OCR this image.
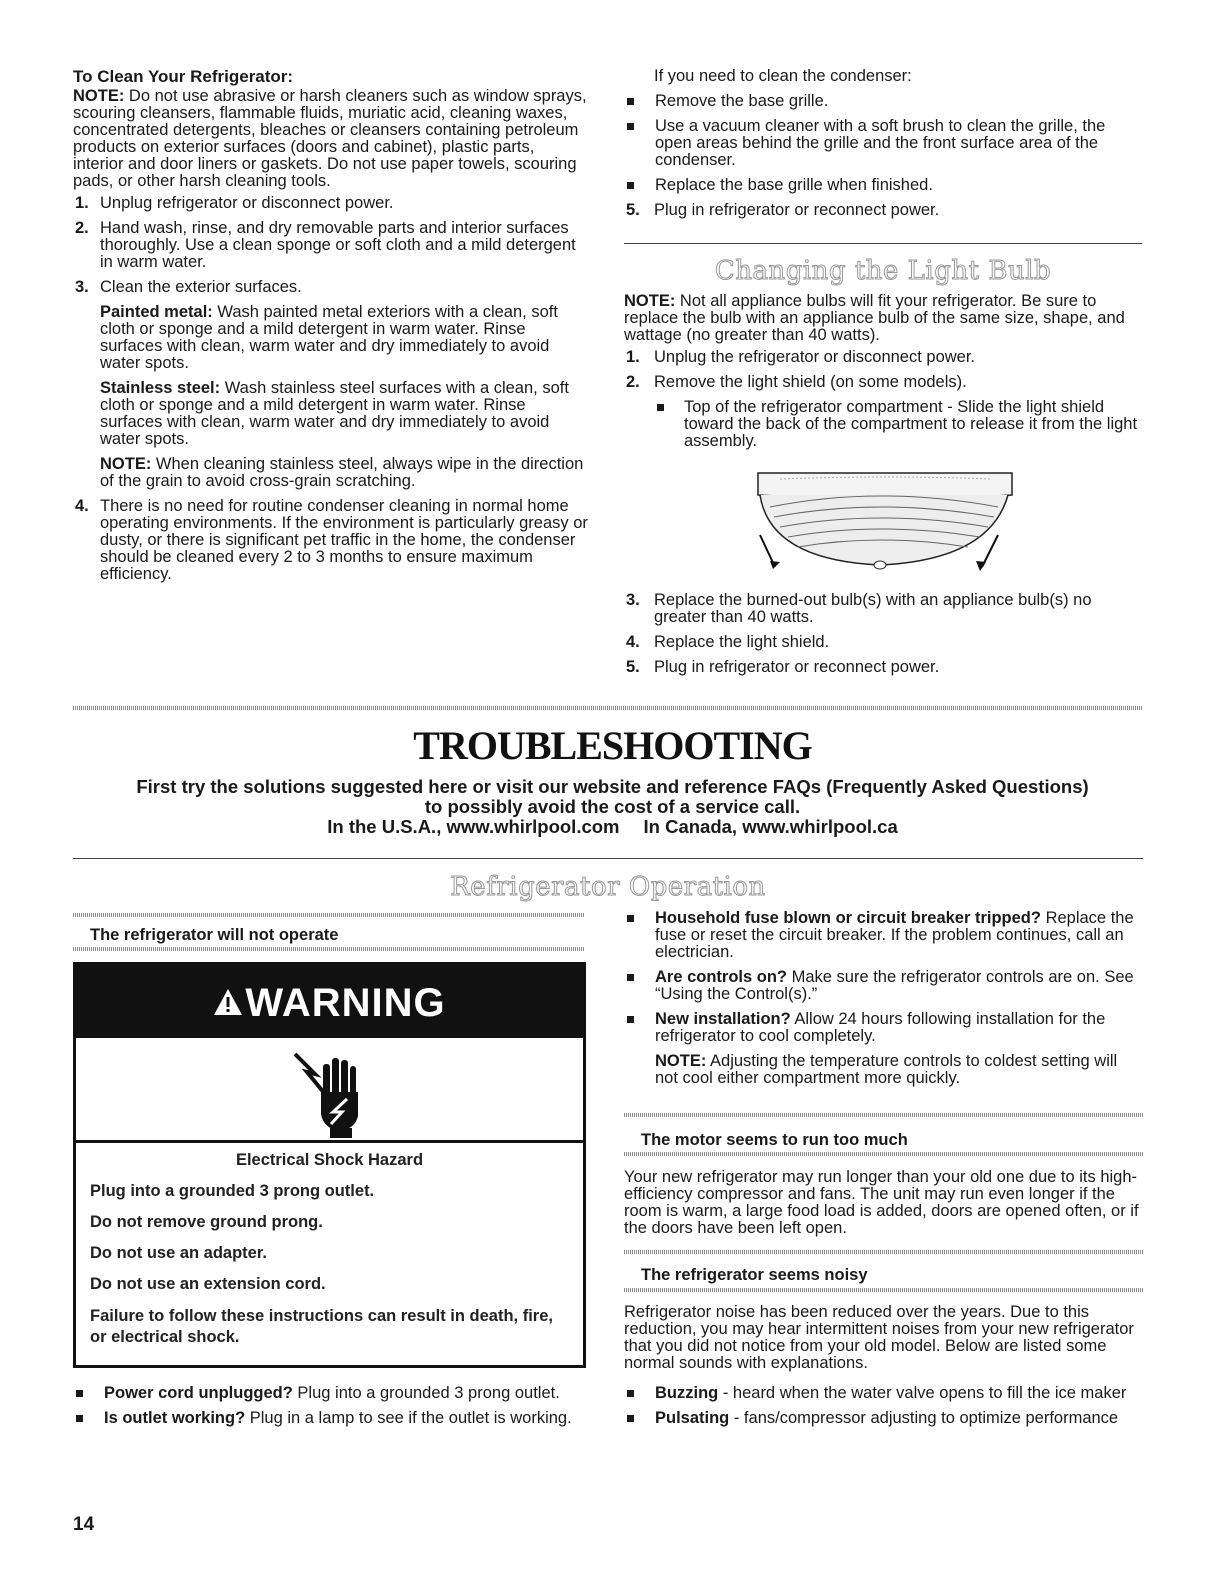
To Clean Your Refrigerator:

NOTE: Do not use abrasive or harsh cleaners such as window sprays, scouring cleansers, flammable fluids, muriatic acid, cleaning waxes, concentrated detergents, bleaches or cleansers containing petroleum products on exterior surfaces (doors and cabinet), plastic parts, interior and door liners or gaskets. Do not use paper towels, scouring pads, or other harsh cleaning tools.

1. Unplug refrigerator or disconnect power.
2. Hand wash, rinse, and dry removable parts and interior surfaces thoroughly. Use a clean sponge or soft cloth and a mild detergent in warm water.
3. Clean the exterior surfaces.

Painted metal: Wash painted metal exteriors with a clean, soft cloth or sponge and a mild detergent in warm water. Rinse surfaces with clean, warm water and dry immediately to avoid water spots.

Stainless steel: Wash stainless steel surfaces with a clean, soft cloth or sponge and a mild detergent in warm water. Rinse surfaces with clean, warm water and dry immediately to avoid water spots.

NOTE: When cleaning stainless steel, always wipe in the direction of the grain to avoid cross-grain scratching.

4. There is no need for routine condenser cleaning in normal home operating environments. If the environment is particularly greasy or dusty, or there is significant pet traffic in the home, the condenser should be cleaned every 2 to 3 months to ensure maximum efficiency.

If you need to clean the condenser:

Remove the base grille.
Use a vacuum cleaner with a soft brush to clean the grille, the open areas behind the grille and the front surface area of the condenser.
Replace the base grille when finished.
5. Plug in refrigerator or reconnect power.
Changing the Light Bulb

NOTE: Not all appliance bulbs will fit your refrigerator. Be sure to replace the bulb with an appliance bulb of the same size, shape, and wattage (no greater than 40 watts).

1. Unplug the refrigerator or disconnect power.
2. Remove the light shield (on some models).
Top of the refrigerator compartment - Slide the light shield toward the back of the compartment to release it from the light assembly.
3. Replace the burned-out bulb(s) with an appliance bulb(s) no greater than 40 watts.
4. Replace the light shield.
5. Plug in refrigerator or reconnect power.
TROUBLESHOOTING
First try the solutions suggested here or visit our website and reference FAQs (Frequently Asked Questions)
to possibly avoid the cost of a service call.
In the U.S.A., www.whirlpool.com In Canada, www.whirlpool.ca
Refrigerator Operation
The refrigerator will not operate
WARNING

Electrical Shock Hazard

Plug into a grounded 3 prong outlet.

Do not remove ground prong.

Do not use an adapter.

Do not use an extension cord.

Failure to follow these instructions can result in death, fire, or electrical shock.

Power cord unplugged? Plug into a grounded 3 prong outlet.
Is outlet working? Plug in a lamp to see if the outlet is working.
Household fuse blown or circuit breaker tripped? Replace the fuse or reset the circuit breaker. If the problem continues, call an electrician.
Are controls on? Make sure the refrigerator controls are on. See “Using the Control(s).”
New installation? Allow 24 hours following installation for the refrigerator to cool completely.

NOTE: Adjusting the temperature controls to coldest setting will not cool either compartment more quickly.

The motor seems to run too much

Your new refrigerator may run longer than your old one due to its high-efficiency compressor and fans. The unit may run even longer if the room is warm, a large food load is added, doors are opened often, or if the doors have been left open.

The refrigerator seems noisy

Refrigerator noise has been reduced over the years. Due to this reduction, you may hear intermittent noises from your new refrigerator that you did not notice from your old model. Below are listed some normal sounds with explanations.

Buzzing - heard when the water valve opens to fill the ice maker
Pulsating - fans/compressor adjusting to optimize performance
14
